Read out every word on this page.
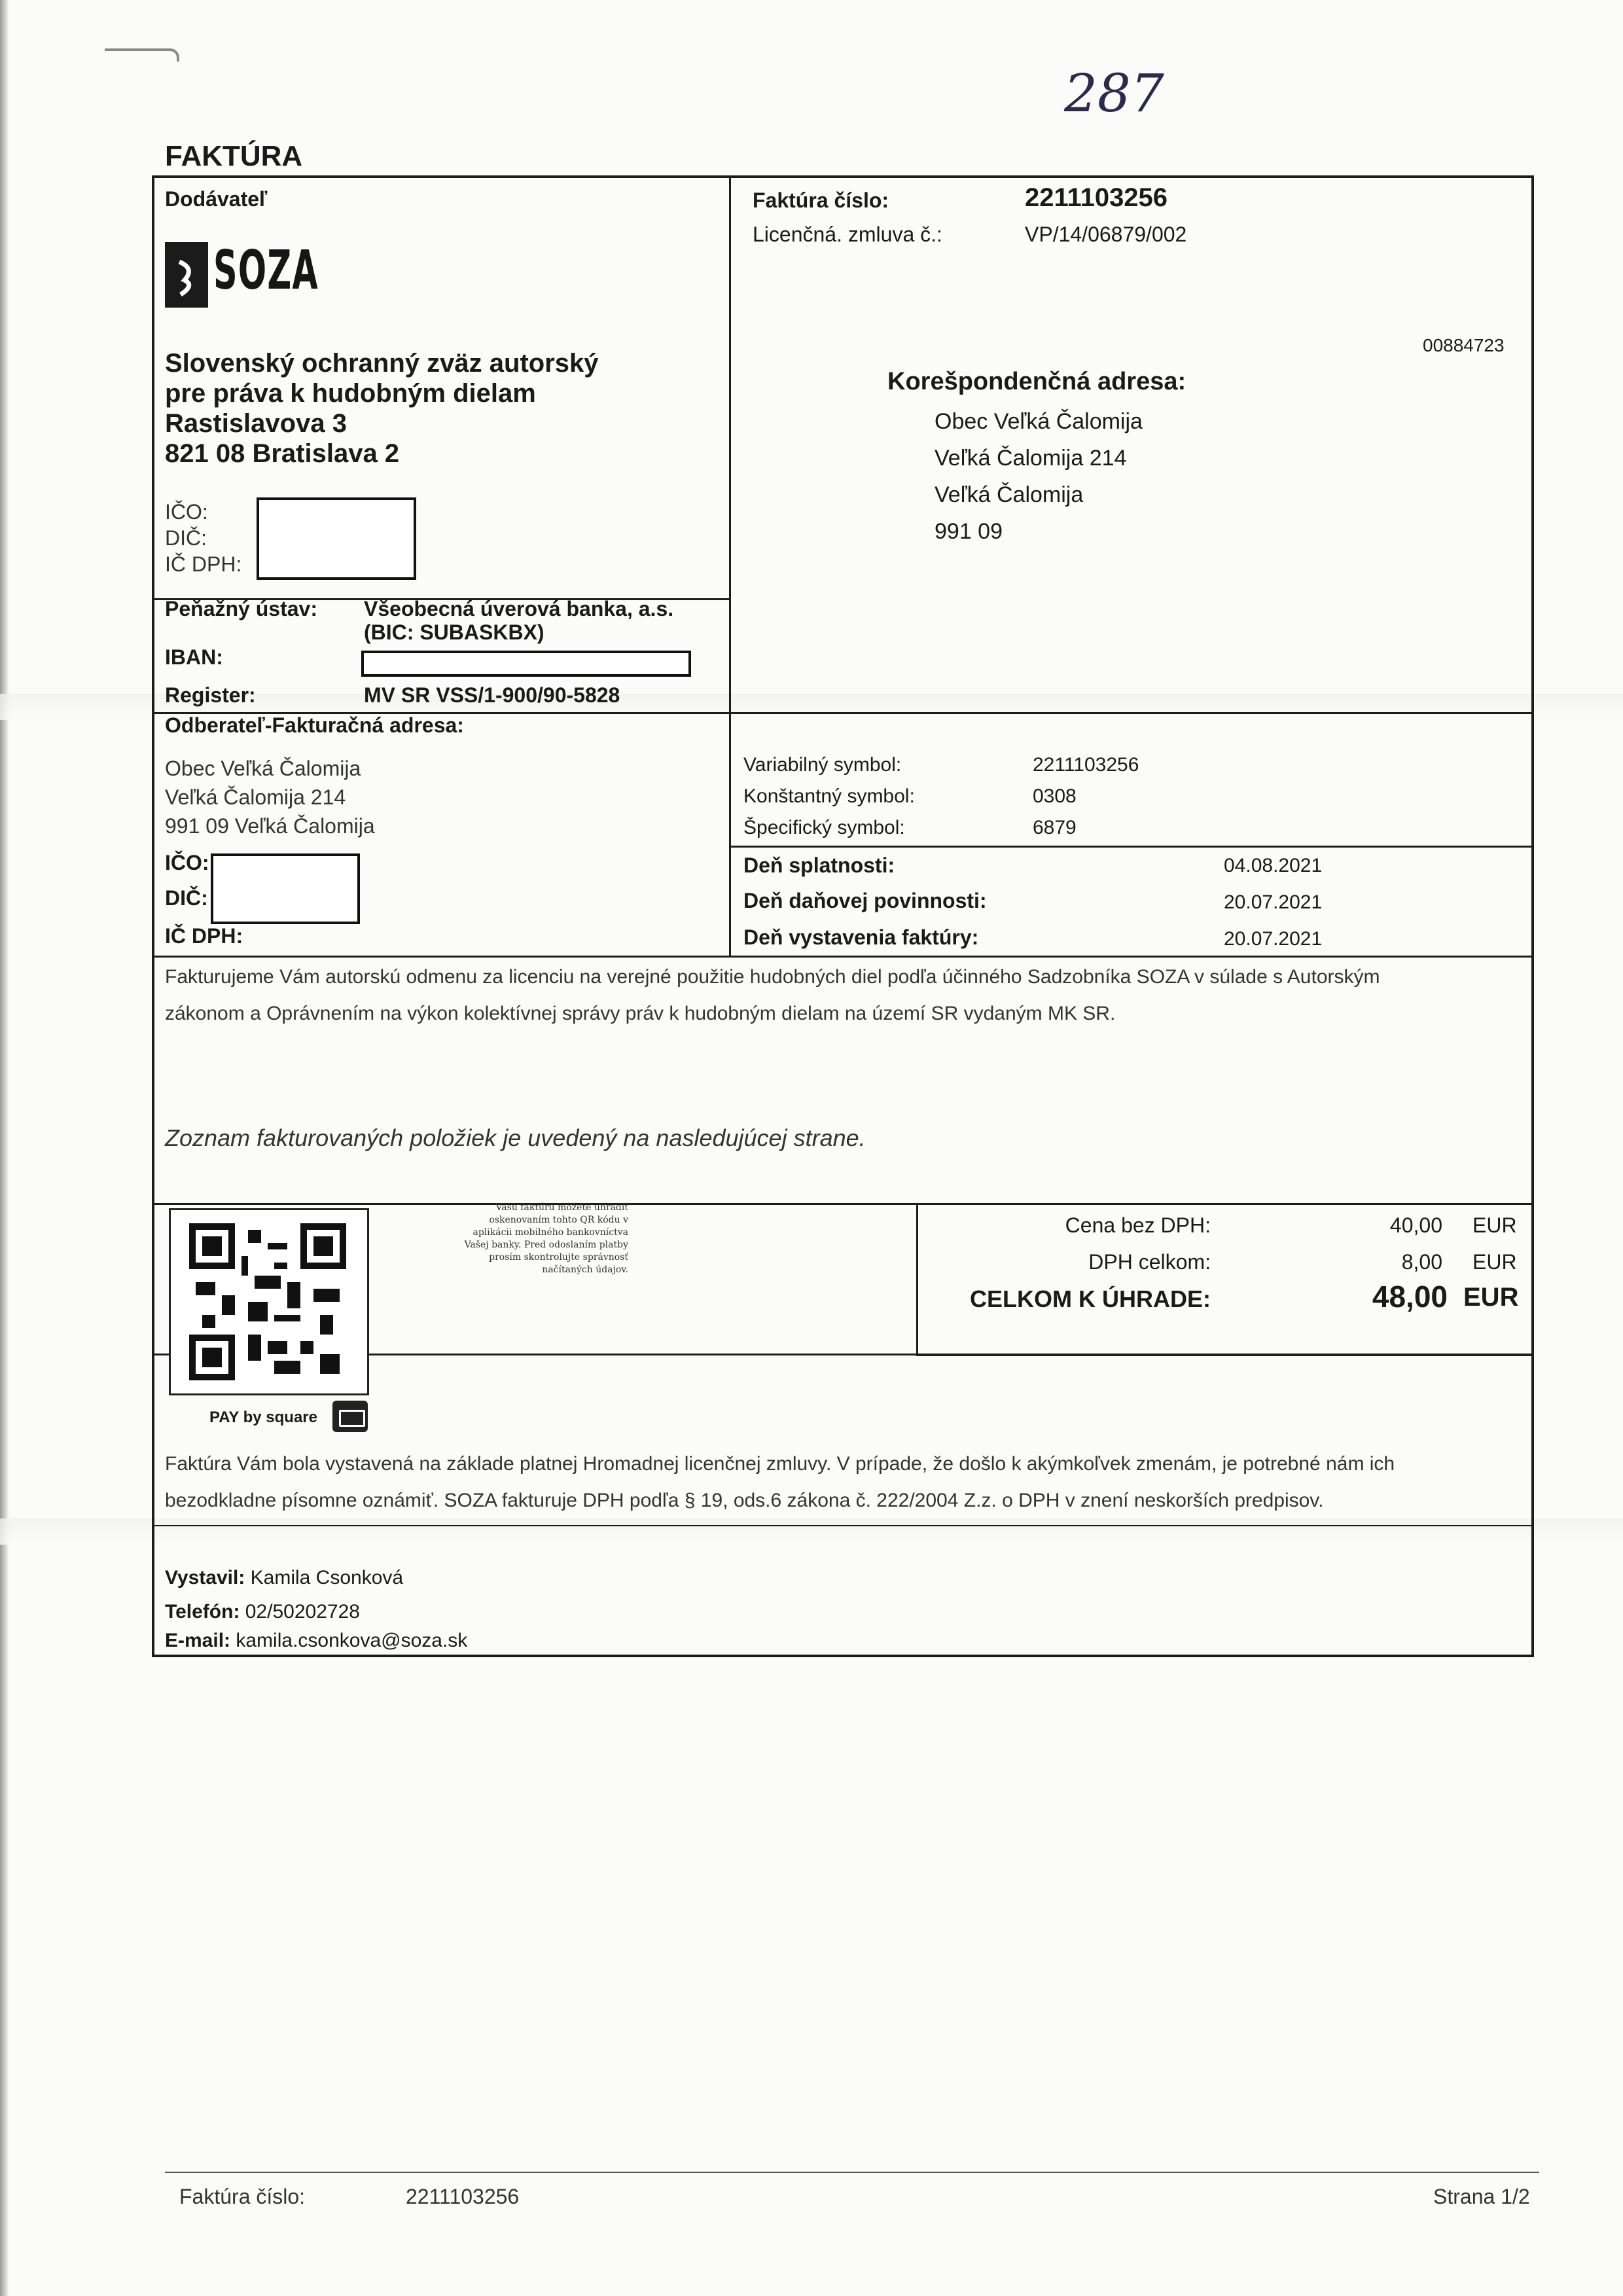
287
FAKTÚRA
Dodávateľ
SOZA
Slovenský ochranný zväz autorský
pre práva k hudobným dielam
Rastislavova 3
821 08 Bratislava 2
IČO:
DIČ:
IČ DPH:
Peňažný ústav: Všeobecná úverová banka, a.s.
(BIC: SUBASKBX)
IBAN:
Register:	MV SR VSS/1-900/90-5828
Faktúra číslo:	2211103256
Licenčná. zmluva č.:	VP/14/06879/002
00884723
Korešpondenčná adresa:
Obec Veľká Čalomija
Veľká Čalomija 214
Veľká Čalomija
991 09
Odberateľ-Fakturačná adresa:
Obec Veľká Čalomija
Veľká Čalomija 214
991 09 Veľká Čalomija
IČO:
DIČ:
IČ DPH:
Variabilný symbol:	2211103256
Konštantný symbol:	0308
Špecifický symbol:	6879
Deň splatnosti:	04.08.2021
Deň daňovej povinnosti:	20.07.2021
Deň vystavenia faktúry:	20.07.2021
Fakturujeme Vám autorskú odmenu za licenciu na verejné použitie hudobných diel podľa účinného Sadzobníka SOZA v súlade s Autorským
zákonom a Oprávnením na výkon kolektívnej správy práv k hudobným dielam na území SR vydaným MK SR.
Zoznam fakturovaných položiek je uvedený na nasledujúcej strane.
Vašu faktúru môžete uhradiť
oskenovaním tohto QR kódu v
aplikácii mobilného bankovníctva
Vašej banky. Pred odoslaním platby
prosím skontrolujte správnosť
načítaných údajov.
PAY by square
Cena bez DPH:	40,00 EUR
DPH celkom:	8,00 EUR
CELKOM K ÚHRADE:	48,00 EUR
Faktúra Vám bola vystavená na základe platnej Hromadnej licenčnej zmluvy. V prípade, že došlo k akýmkoľvek zmenám, je potrebné nám ich
bezodkladne písomne oznámiť. SOZA fakturuje DPH podľa § 19, ods.6 zákona č. 222/2004 Z.z. o DPH v znení neskorších predpisov.
Vystavil: Kamila Csonková
Telefón: 02/50202728
E-mail: kamila.csonkova@soza.sk
Faktúra číslo:	2211103256	Strana 1/2
